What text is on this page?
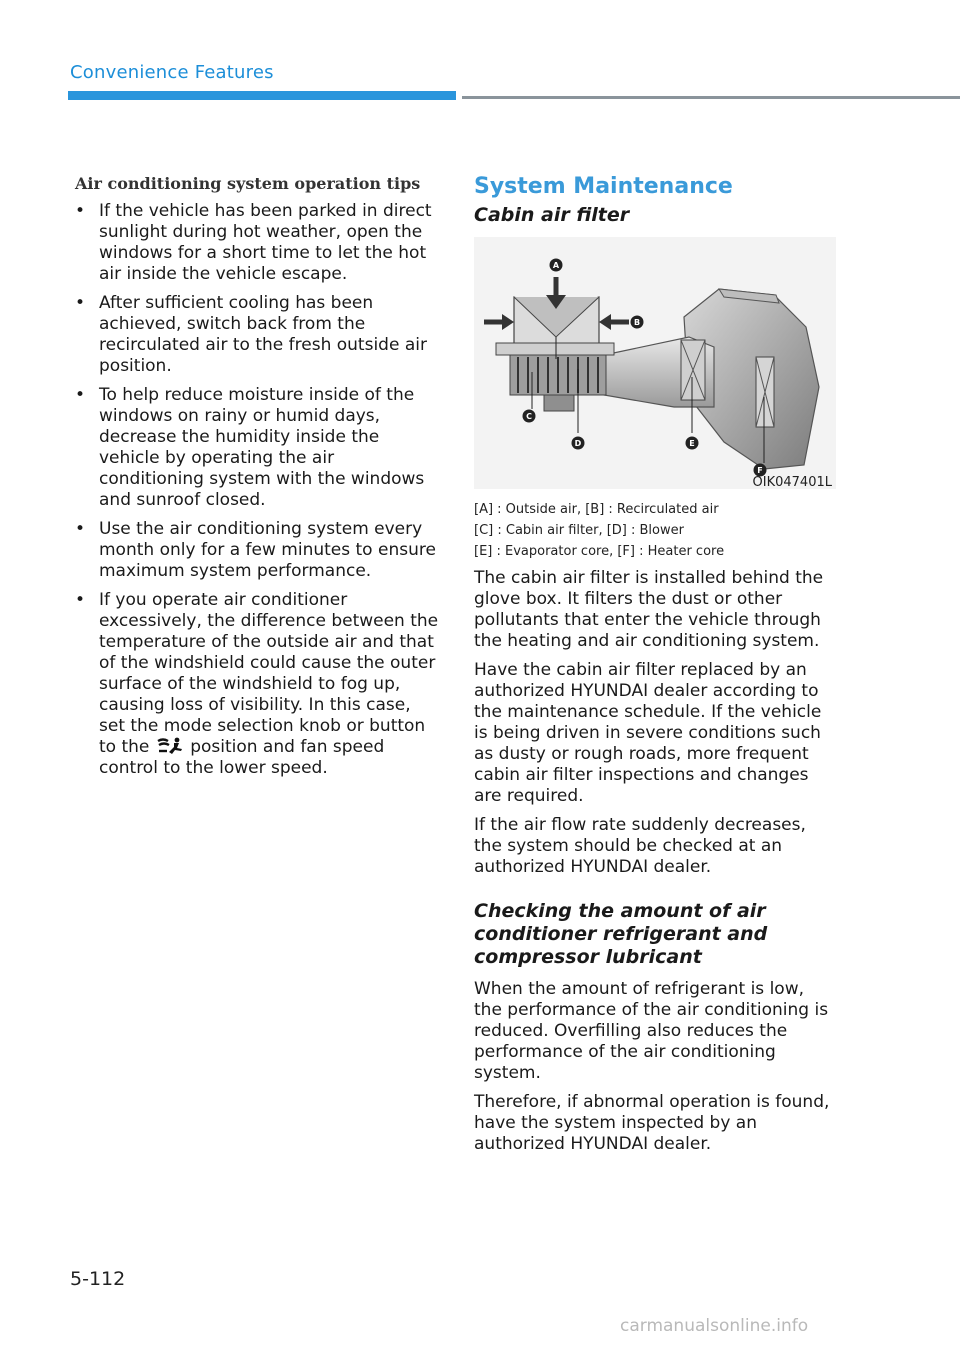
Convenience Features
Air conditioning system operation tips
• If the vehicle has been parked in direct sunlight during hot weather, open the windows for a short time to let the hot air inside the vehicle escape.
• After sufficient cooling has been achieved, switch back from the recirculated air to the fresh outside air position.
• To help reduce moisture inside of the windows on rainy or humid days, decrease the humidity inside the vehicle by operating the air conditioning system with the windows and sunroof closed.
• Use the air conditioning system every month only for a few minutes to ensure maximum system performance.
• If you operate air conditioner excessively, the difference between the temperature of the outside air and that of the windshield could cause the outer surface of the windshield to fog up, causing loss of visibility. In this case, set the mode selection knob or button to the position and fan speed control to the lower speed.
System Maintenance
Cabin air filter
A
B
C
D	E
F
OIK047401L
[A] : Outside air, [B] : Recirculated air
[C] : Cabin air filter, [D] : Blower
[E] : Evaporator core, [F] : Heater core

The cabin air filter is installed behind the glove box. It filters the dust or other pollutants that enter the vehicle through the heating and air conditioning system.

Have the cabin air filter replaced by an authorized HYUNDAI dealer according to the maintenance schedule. If the vehicle is being driven in severe conditions such as dusty or rough roads, more frequent cabin air filter inspections and changes are required.

If the air flow rate suddenly decreases, the system should be checked at an authorized HYUNDAI dealer.

Checking the amount of air conditioner refrigerant and compressor lubricant

When the amount of refrigerant is low, the performance of the air conditioning is reduced. Overfilling also reduces the performance of the air conditioning system.

Therefore, if abnormal operation is found, have the system inspected by an authorized HYUNDAI dealer.

5-112
carmanualsonline.info
